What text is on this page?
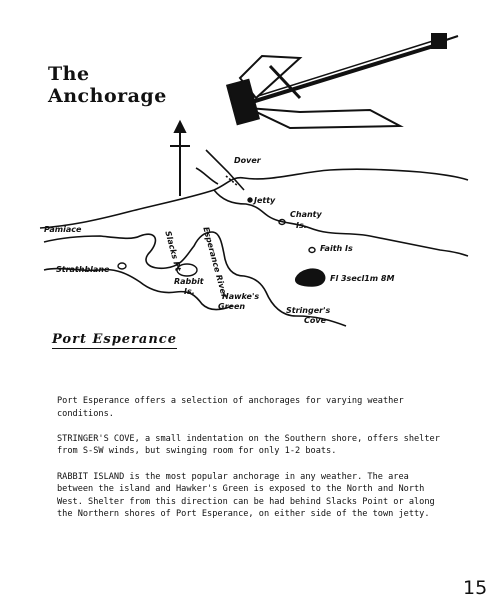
The
Anchorage
Dover
Jetty
Chanty
Is.
Faith Is
Fl 3secl1m 8M
Pamiace
Strathblane	Slacks Pt Esperance River
Rabbit
Is.
Hawke's
Green	Stringer's
Cove
Port Esperance

Port Esperance offers a selection of anchorages for varying weather conditions.

STRINGER'S COVE, a small indentation on the Southern shore, offers shelter from S-SW winds, but swinging room for only 1-2 boats.

RABBIT ISLAND is the most popular anchorage in any weather. The area between the island and Hawker's Green is exposed to the North and North West. Shelter from this direction can be had behind Slacks Point or along the Northern shores of Port Esperance, on either side of the town jetty.

15
